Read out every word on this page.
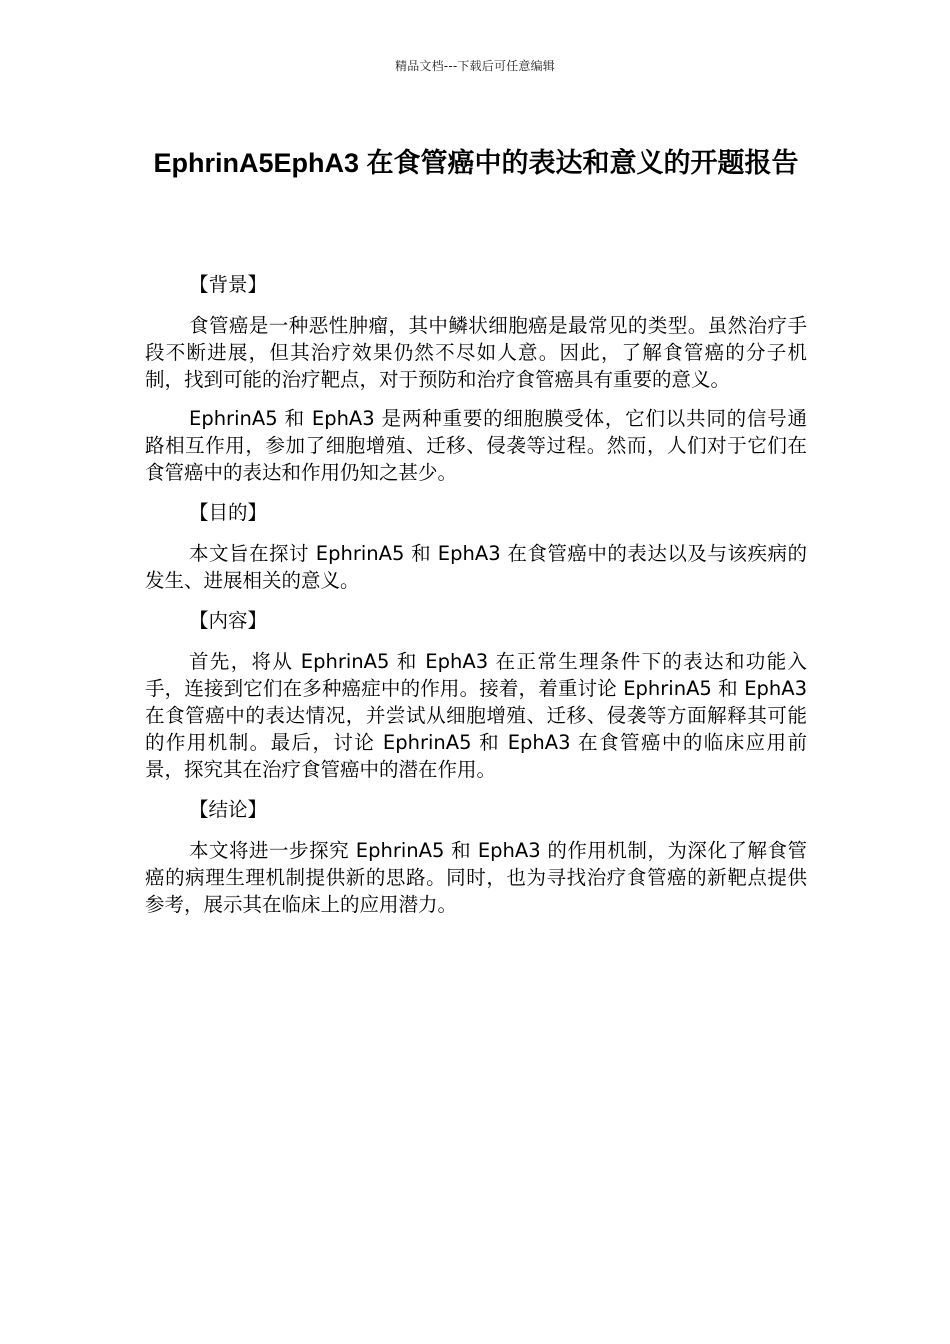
精品文档---下载后可任意编辑
EphrinA5EphA3 在食管癌中的表达和意义的开题报告
【背景】

食管癌是一种恶性肿瘤，其中鳞状细胞癌是最常见的类型。虽然治疗手段不断进展，但其治疗效果仍然不尽如人意。因此，了解食管癌的分子机制，找到可能的治疗靶点，对于预防和治疗食管癌具有重要的意义。

EphrinA5 和 EphA3 是两种重要的细胞膜受体，它们以共同的信号通路相互作用，参加了细胞增殖、迁移、侵袭等过程。然而，人们对于它们在食管癌中的表达和作用仍知之甚少。

【目的】

本文旨在探讨 EphrinA5 和 EphA3 在食管癌中的表达以及与该疾病的发生、进展相关的意义。

【内容】

首先，将从 EphrinA5 和 EphA3 在正常生理条件下的表达和功能入手，连接到它们在多种癌症中的作用。接着，着重讨论 EphrinA5 和 EphA3 在食管癌中的表达情况，并尝试从细胞增殖、迁移、侵袭等方面解释其可能的作用机制。最后，讨论 EphrinA5 和 EphA3 在食管癌中的临床应用前景，探究其在治疗食管癌中的潜在作用。

【结论】

本文将进一步探究 EphrinA5 和 EphA3 的作用机制，为深化了解食管癌的病理生理机制提供新的思路。同时，也为寻找治疗食管癌的新靶点提供参考，展示其在临床上的应用潜力。
